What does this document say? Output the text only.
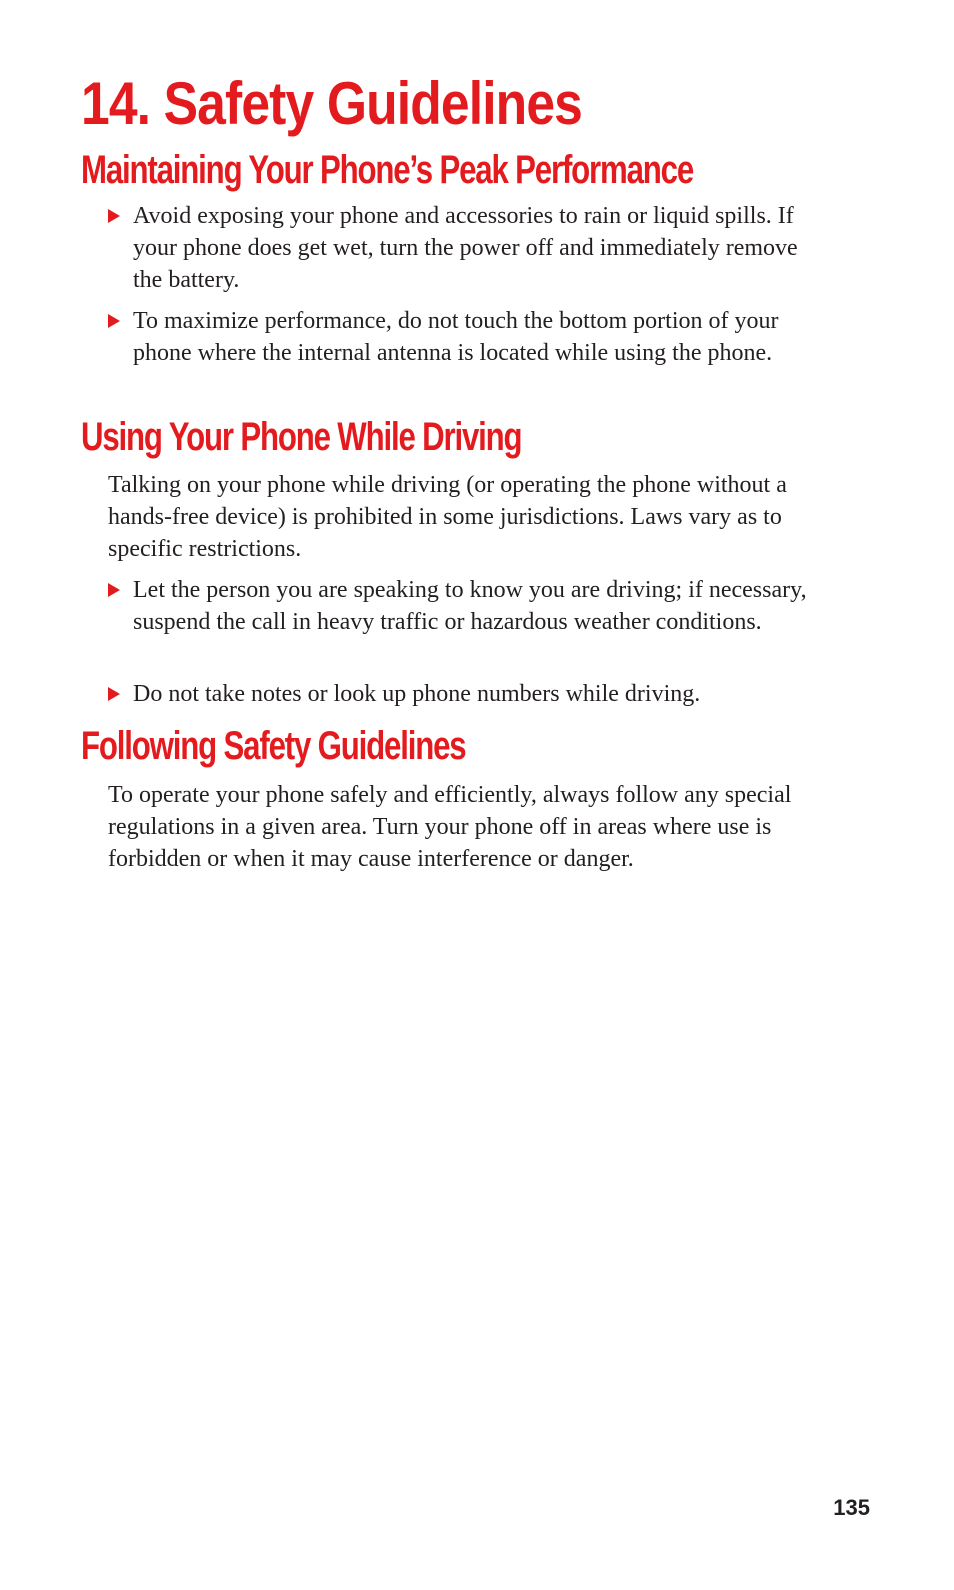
14. Safety Guidelines
Maintaining Your Phone’s Peak Performance
Avoid exposing your phone and accessories to rain or liquid spills. If your phone does get wet, turn the power off and immediately remove the battery.
To maximize performance, do not touch the bottom portion of your phone where the internal antenna is located while using the phone.
Using Your Phone While Driving

Talking on your phone while driving (or operating the phone without a hands-free device) is prohibited in some jurisdictions. Laws vary as to specific restrictions.

Let the person you are speaking to know you are driving; if necessary, suspend the call in heavy traffic or hazardous weather conditions.
Do not take notes or look up phone numbers while driving.
Following Safety Guidelines

To operate your phone safely and efficiently, always follow any special regulations in a given area. Turn your phone off in areas where use is forbidden or when it may cause interference or danger.

135
